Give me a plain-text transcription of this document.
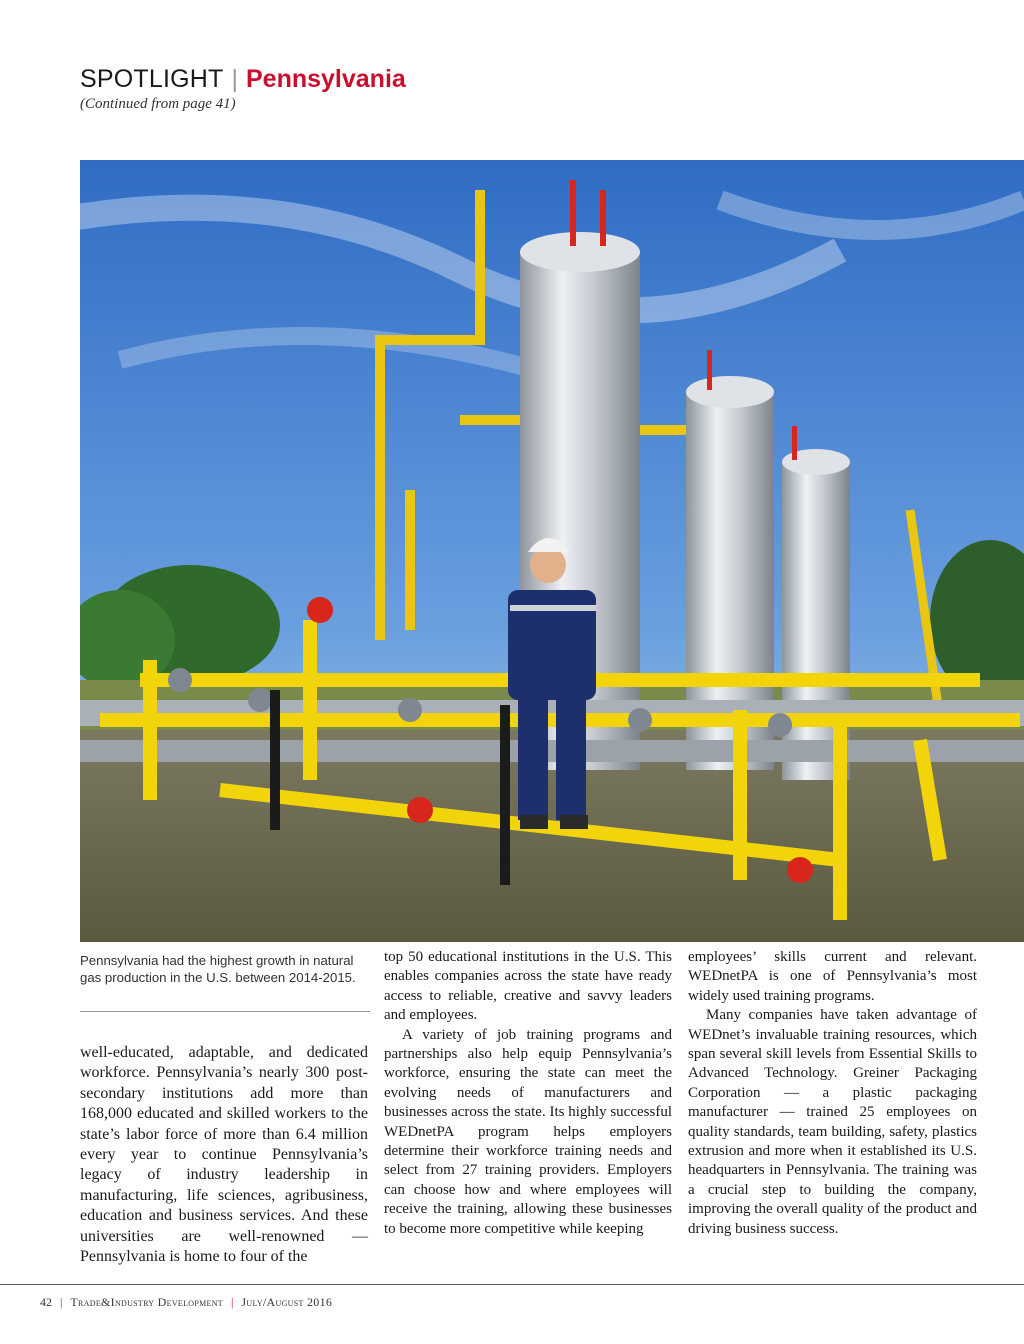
SPOTLIGHT | Pennsylvania
(Continued from page 41)
Pennsylvania had the highest growth in natural gas production in the U.S. between 2014-2015.

well-educated, adaptable, and dedicated workforce. Pennsylvania’s nearly 300 post-secondary institutions add more than 168,000 educated and skilled workers to the state’s labor force of more than 6.4 million every year to continue Pennsylvania’s legacy of industry leadership in manufacturing, life sciences, agribusiness, education and business services. And these universities are well-renowned — Pennsylvania is home to four of the

top 50 educational institutions in the U.S. This enables companies across the state have ready access to reliable, creative and savvy leaders and employees.

A variety of job training programs and partnerships also help equip Pennsylvania’s workforce, ensuring the state can meet the evolving needs of manufacturers and businesses across the state. Its highly successful WEDnetPA program helps employers determine their workforce training needs and select from 27 training providers. Employers can choose how and where employees will receive the training, allowing these businesses to become more competitive while keeping

employees’ skills current and relevant. WEDnetPA is one of Pennsylvania’s most widely used training programs.

Many companies have taken advantage of WEDnet’s invaluable training resources, which span several skill levels from Essential Skills to Advanced Technology. Greiner Packaging Corporation — a plastic packaging manufacturer — trained 25 employees on quality standards, team building, safety, plastics extrusion and more when it established its U.S. headquarters in Pennsylvania. The training was a crucial step to building the company, improving the overall quality of the product and driving business success.

42 | Trade&Industry Development | July/August 2016
